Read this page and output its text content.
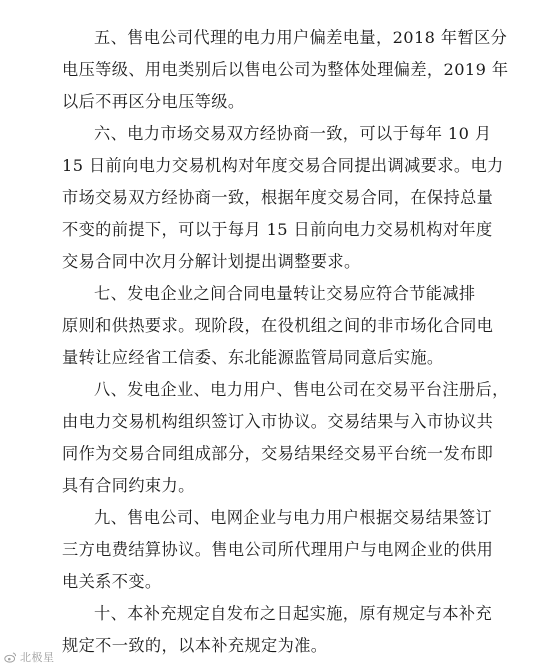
五、售电公司代理的电力用户偏差电量，2018 年暂区分
电压等级、用电类别后以售电公司为整体处理偏差，2019 年
以后不再区分电压等级。
六、电力市场交易双方经协商一致，可以于每年 10 月
15 日前向电力交易机构对年度交易合同提出调减要求。电力
市场交易双方经协商一致，根据年度交易合同，在保持总量
不变的前提下，可以于每月 15 日前向电力交易机构对年度
交易合同中次月分解计划提出调整要求。
七、发电企业之间合同电量转让交易应符合节能减排
原则和供热要求。现阶段，在役机组之间的非市场化合同电
量转让应经省工信委、东北能源监管局同意后实施。
八、发电企业、电力用户、售电公司在交易平台注册后，
由电力交易机构组织签订入市协议。交易结果与入市协议共
同作为交易合同组成部分，交易结果经交易平台统一发布即
具有合同约束力。
九、售电公司、电网企业与电力用户根据交易结果签订
三方电费结算协议。售电公司所代理用户与电网企业的供用
电关系不变。
十、本补充规定自发布之日起实施，原有规定与本补充
规定不一致的，以本补充规定为准。
北极星
